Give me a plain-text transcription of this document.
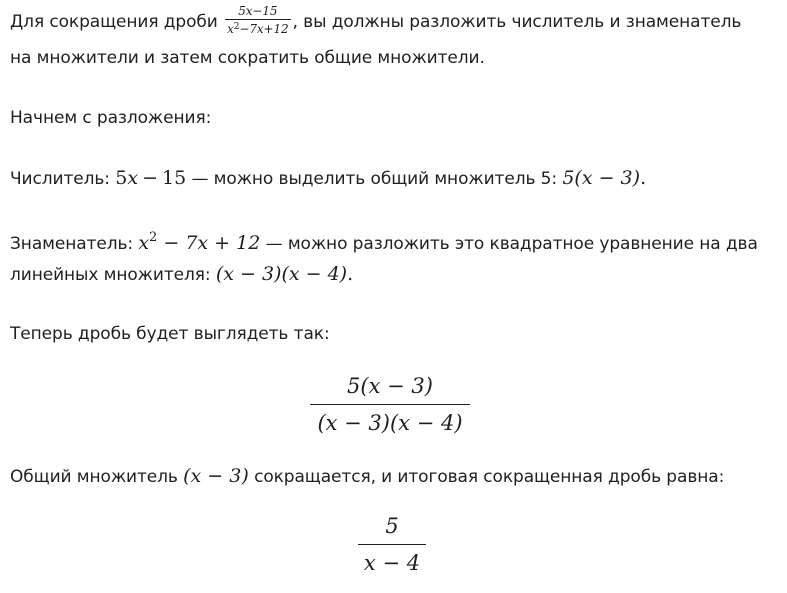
Для сокращения дроби $\frac{5x-15}{x^2-7x+12}$ , вы должны разложить числитель и знаменатель
на множители и затем сократить общие множители.
Начнем с разложения:
Числитель: 5x − 15 — можно выделить общий множитель 5: 5(x − 3).
Знаменатель: $x^2 - 7x + 12$ — можно разложить это квадратное уравнение на два
линейных множителя: (x − 3)(x − 4).
Теперь дробь будет выглядеть так:
$\frac{5(x - 3)}{(x - 3)(x - 4)}$
Общий множитель (x − 3) сокращается, и итоговая сокращенная дробь равна:
$\frac{5}{x - 4}$
